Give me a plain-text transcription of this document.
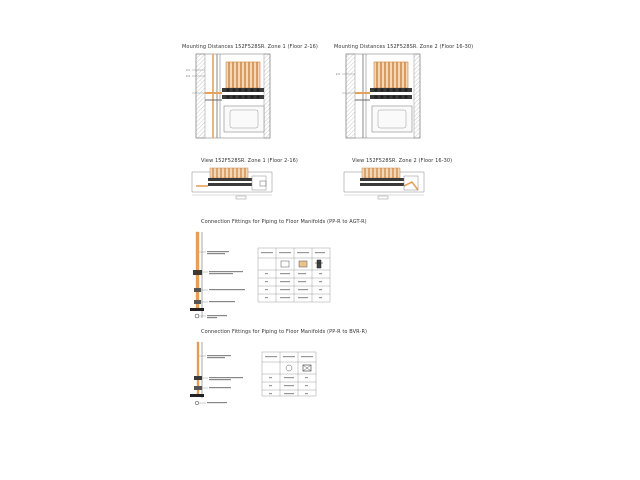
Mounting Distances 152F528SR. Zone 1 (Floor 2-16)	Mounting Distances 152F528SR. Zone 2 (Floor 16-30)
View 152F528SR. Zone 1 (Floor 2-16)	View 152F528SR. Zone 2 (Floor 16-30)
Connection Fittings for Piping to Floor Manifolds (PP-R to AGT-R)
Connection Fittings for Piping to Floor Manifolds (PP-R to BVR-R)
2,1
2,4
2,3
